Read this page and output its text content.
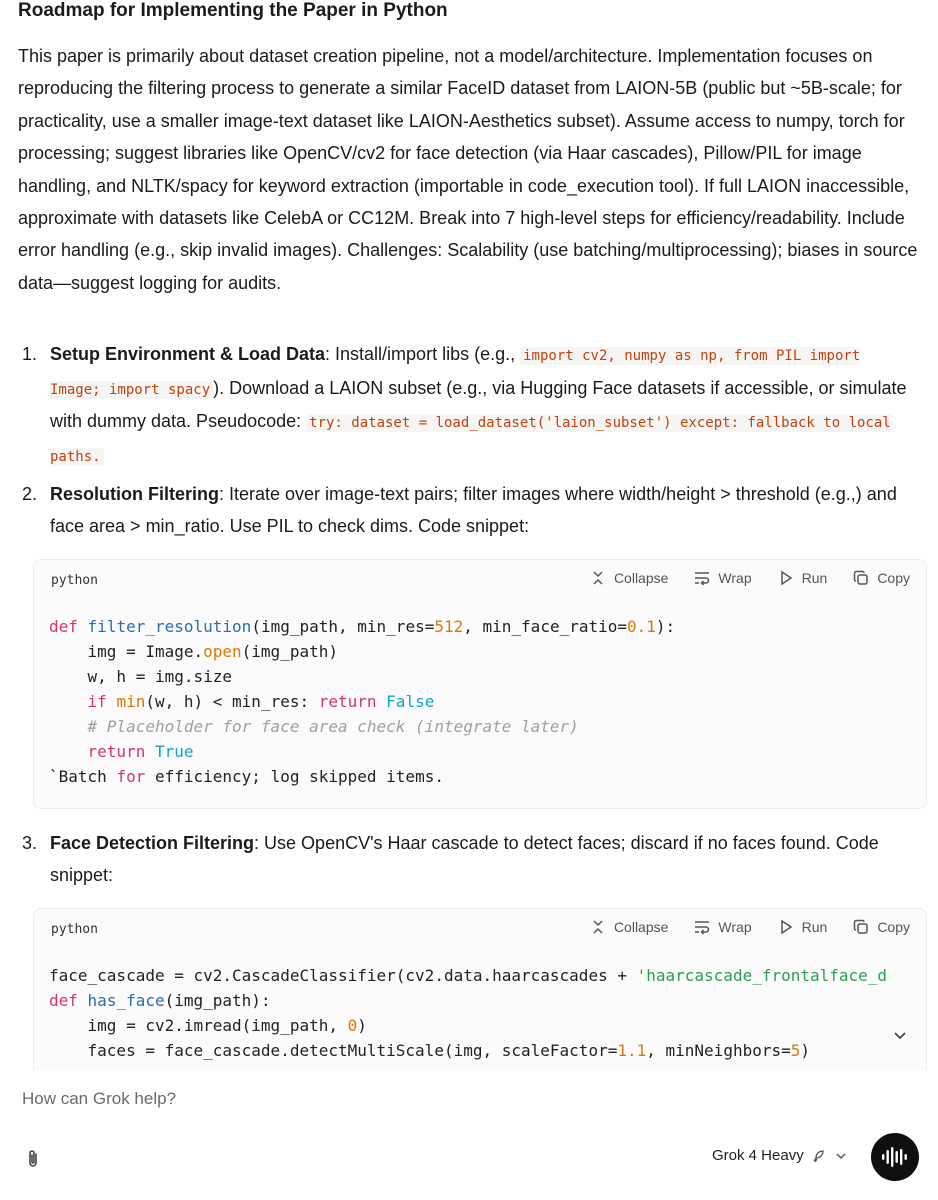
Roadmap for Implementing the Paper in Python
This paper is primarily about dataset creation pipeline, not a model/architecture. Implementation focuses on reproducing the filtering process to generate a similar FaceID dataset from LAION-5B (public but ~5B-scale; for practicality, use a smaller image-text dataset like LAION-Aesthetics subset). Assume access to numpy, torch for processing; suggest libraries like OpenCV/cv2 for face detection (via Haar cascades), Pillow/PIL for image handling, and NLTK/spacy for keyword extraction (importable in code_execution tool). If full LAION inaccessible, approximate with datasets like CelebA or CC12M. Break into 7 high-level steps for efficiency/readability. Include error handling (e.g., skip invalid images). Challenges: Scalability (use batching/multiprocessing); biases in source data—suggest logging for audits.
1. Setup Environment & Load Data: Install/import libs (e.g., import cv2, numpy as np, from PIL import Image; import spacy ). Download a LAION subset (e.g., via Hugging Face datasets if accessible, or simulate with dummy data. Pseudocode: try: dataset = load_dataset('laion_subset') except: fallback to local paths.
2. Resolution Filtering: Iterate over image-text pairs; filter images where width/height > threshold (e.g.,) and face area > min_ratio. Use PIL to check dims. Code snippet:
python	Collapse	Wrap	Run	Copy
def filter_resolution(img_path, min_res=512, min_face_ratio=0.1):
img = Image.open(img_path)
w, h = img.size
if min(w, h) < min_res: return False
# Placeholder for face area check (integrate later)
return True
`Batch for efficiency; log skipped items.
3. Face Detection Filtering: Use OpenCV's Haar cascade to detect faces; discard if no faces found. Code snippet:
python	Collapse	Wrap	Run	Copy
face_cascade = cv2.CascadeClassifier(cv2.data.haarcascades + 'haarcascade_frontalface_d
def has_face(img_path):
img = cv2.imread(img_path, 0)
faces = face_cascade.detectMultiScale(img, scaleFactor=1.1, minNeighbors=5)
How can Grok help?
Grok 4 Heavy
